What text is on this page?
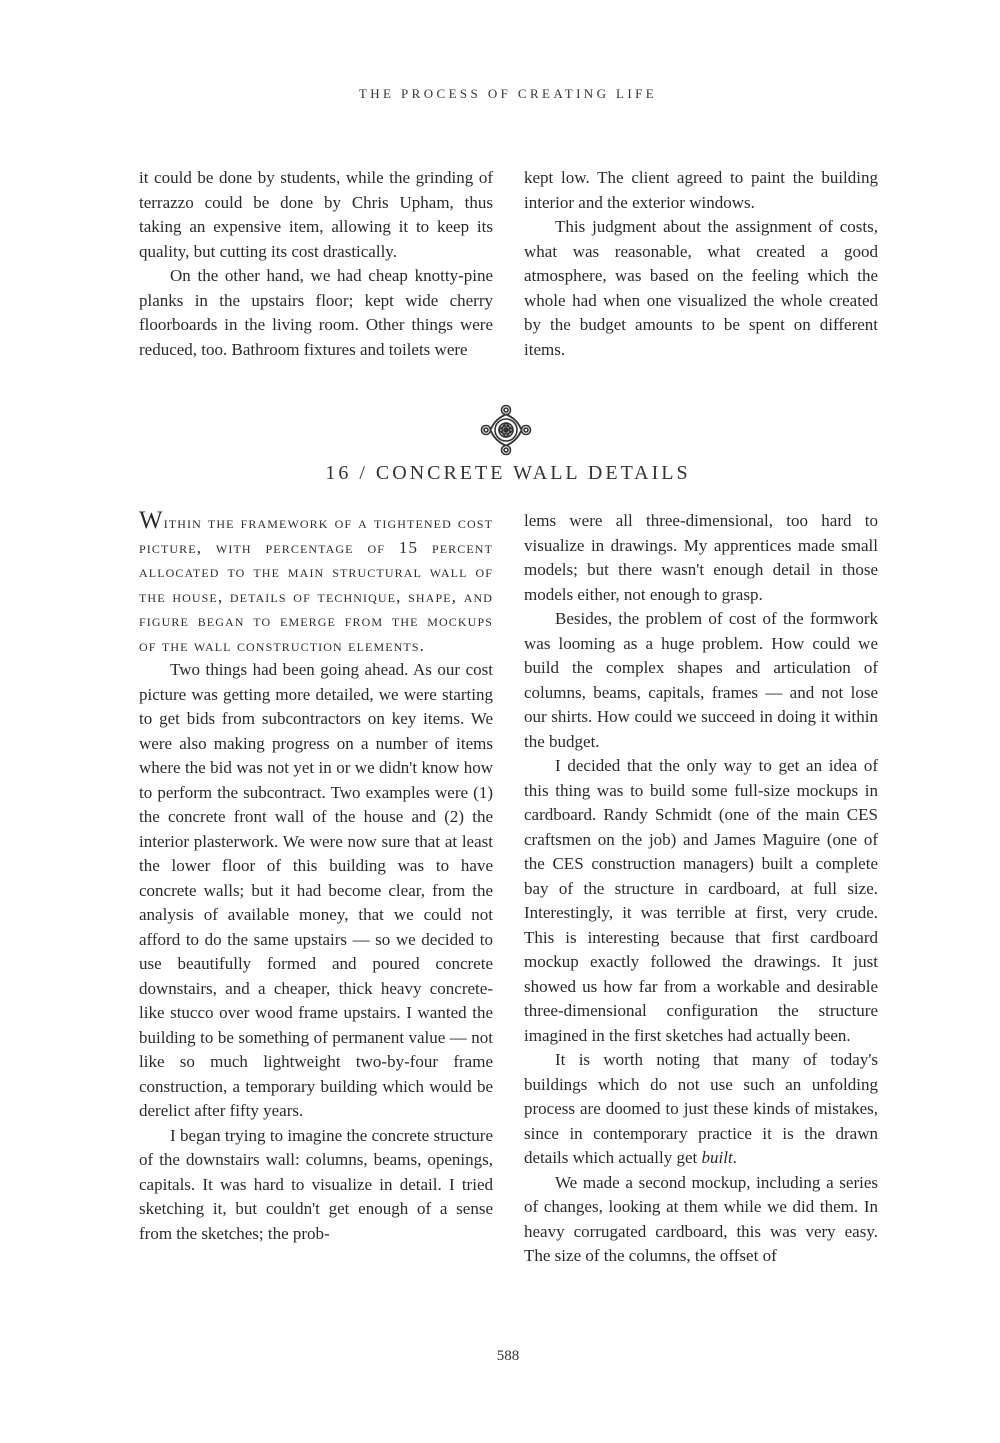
THE PROCESS OF CREATING LIFE

it could be done by students, while the grinding of terrazzo could be done by Chris Upham, thus taking an expensive item, allowing it to keep its quality, but cutting its cost drastically.

On the other hand, we had cheap knotty-pine planks in the upstairs floor; kept wide cherry floorboards in the living room. Other things were reduced, too. Bathroom fixtures and toilets were

kept low. The client agreed to paint the building interior and the exterior windows.

This judgment about the assignment of costs, what was reasonable, what created a good atmosphere, was based on the feeling which the whole had when one visualized the whole created by the budget amounts to be spent on different items.

16 / CONCRETE WALL DETAILS

Within the framework of a tightened cost picture, with percentage of 15 percent allocated to the main structural wall of the house, details of technique, shape, and figure began to emerge from the mockups of the wall construction elements.

Two things had been going ahead. As our cost picture was getting more detailed, we were starting to get bids from subcontractors on key items. We were also making progress on a number of items where the bid was not yet in or we didn't know how to perform the subcontract. Two examples were (1) the concrete front wall of the house and (2) the interior plasterwork. We were now sure that at least the lower floor of this building was to have concrete walls; but it had become clear, from the analysis of available money, that we could not afford to do the same upstairs — so we decided to use beautifully formed and poured concrete downstairs, and a cheaper, thick heavy concrete-like stucco over wood frame upstairs. I wanted the building to be something of permanent value — not like so much lightweight two-by-four frame construction, a temporary building which would be derelict after fifty years.

I began trying to imagine the concrete structure of the downstairs wall: columns, beams, openings, capitals. It was hard to visualize in detail. I tried sketching it, but couldn't get enough of a sense from the sketches; the prob-

lems were all three-dimensional, too hard to visualize in drawings. My apprentices made small models; but there wasn't enough detail in those models either, not enough to grasp.

Besides, the problem of cost of the formwork was looming as a huge problem. How could we build the complex shapes and articulation of columns, beams, capitals, frames — and not lose our shirts. How could we succeed in doing it within the budget.

I decided that the only way to get an idea of this thing was to build some full-size mockups in cardboard. Randy Schmidt (one of the main CES craftsmen on the job) and James Maguire (one of the CES construction managers) built a complete bay of the structure in cardboard, at full size. Interestingly, it was terrible at first, very crude. This is interesting because that first cardboard mockup exactly followed the drawings. It just showed us how far from a workable and desirable three-dimensional configuration the structure imagined in the first sketches had actually been.

It is worth noting that many of today's buildings which do not use such an unfolding process are doomed to just these kinds of mistakes, since in contemporary practice it is the drawn details which actually get built.

We made a second mockup, including a series of changes, looking at them while we did them. In heavy corrugated cardboard, this was very easy. The size of the columns, the offset of

588
